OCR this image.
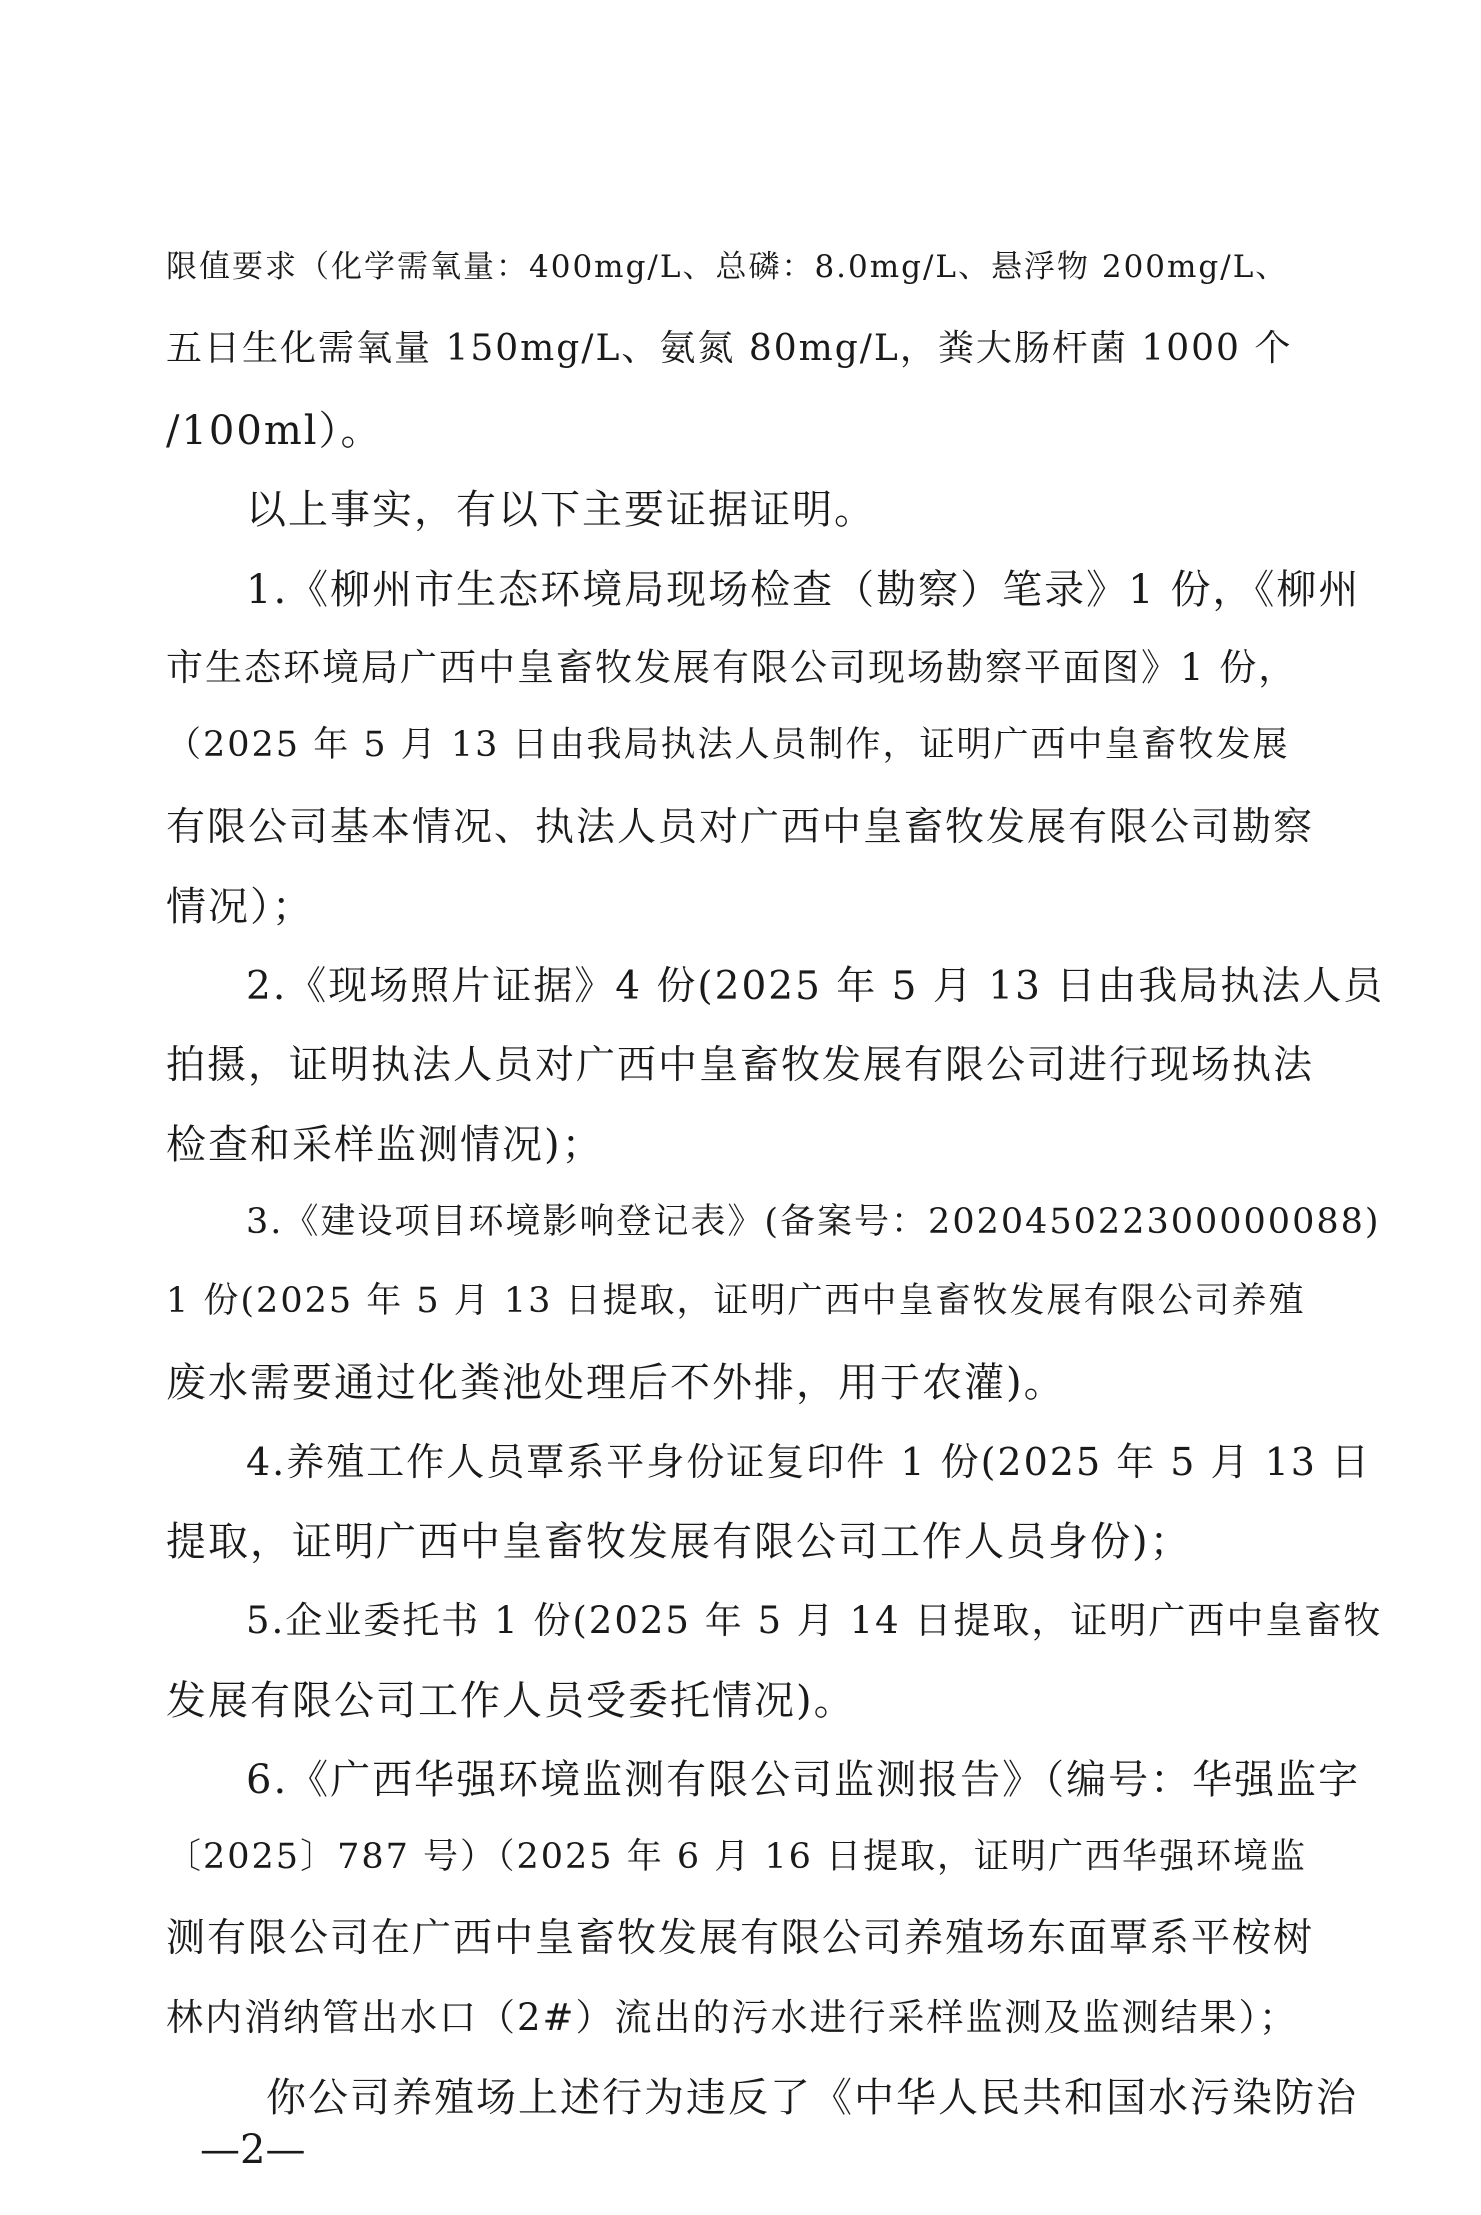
限值要求（化学需氧量：400mg/L、总磷：8.0mg/L、悬浮物 200mg/L、
五日生化需氧量 150mg/L、氨氮 80mg/L，粪大肠杆菌 1000 个
/100ml）。
以上事实，有以下主要证据证明。
1.《柳州市生态环境局现场检查（勘察）笔录》1 份，《柳州
市生态环境局广西中皇畜牧发展有限公司现场勘察平面图》1 份，
（2025 年 5 月 13 日由我局执法人员制作，证明广西中皇畜牧发展
有限公司基本情况、执法人员对广西中皇畜牧发展有限公司勘察
情况）；
2.《现场照片证据》4 份(2025 年 5 月 13 日由我局执法人员
拍摄，证明执法人员对广西中皇畜牧发展有限公司进行现场执法
检查和采样监测情况)；
3.《建设项目环境影响登记表》(备案号：202045022300000088)
1 份(2025 年 5 月 13 日提取，证明广西中皇畜牧发展有限公司养殖
废水需要通过化粪池处理后不外排，用于农灌)。
4.养殖工作人员覃系平身份证复印件 1 份(2025 年 5 月 13 日
提取，证明广西中皇畜牧发展有限公司工作人员身份)；
5.企业委托书 1 份(2025 年 5 月 14 日提取，证明广西中皇畜牧
发展有限公司工作人员受委托情况)。
6.《广西华强环境监测有限公司监测报告》（编号：华强监字
〔2025〕787 号）（2025 年 6 月 16 日提取，证明广西华强环境监
测有限公司在广西中皇畜牧发展有限公司养殖场东面覃系平桉树
林内消纳管出水口（2#）流出的污水进行采样监测及监测结果）；
你公司养殖场上述行为违反了《中华人民共和国水污染防治
—2—
